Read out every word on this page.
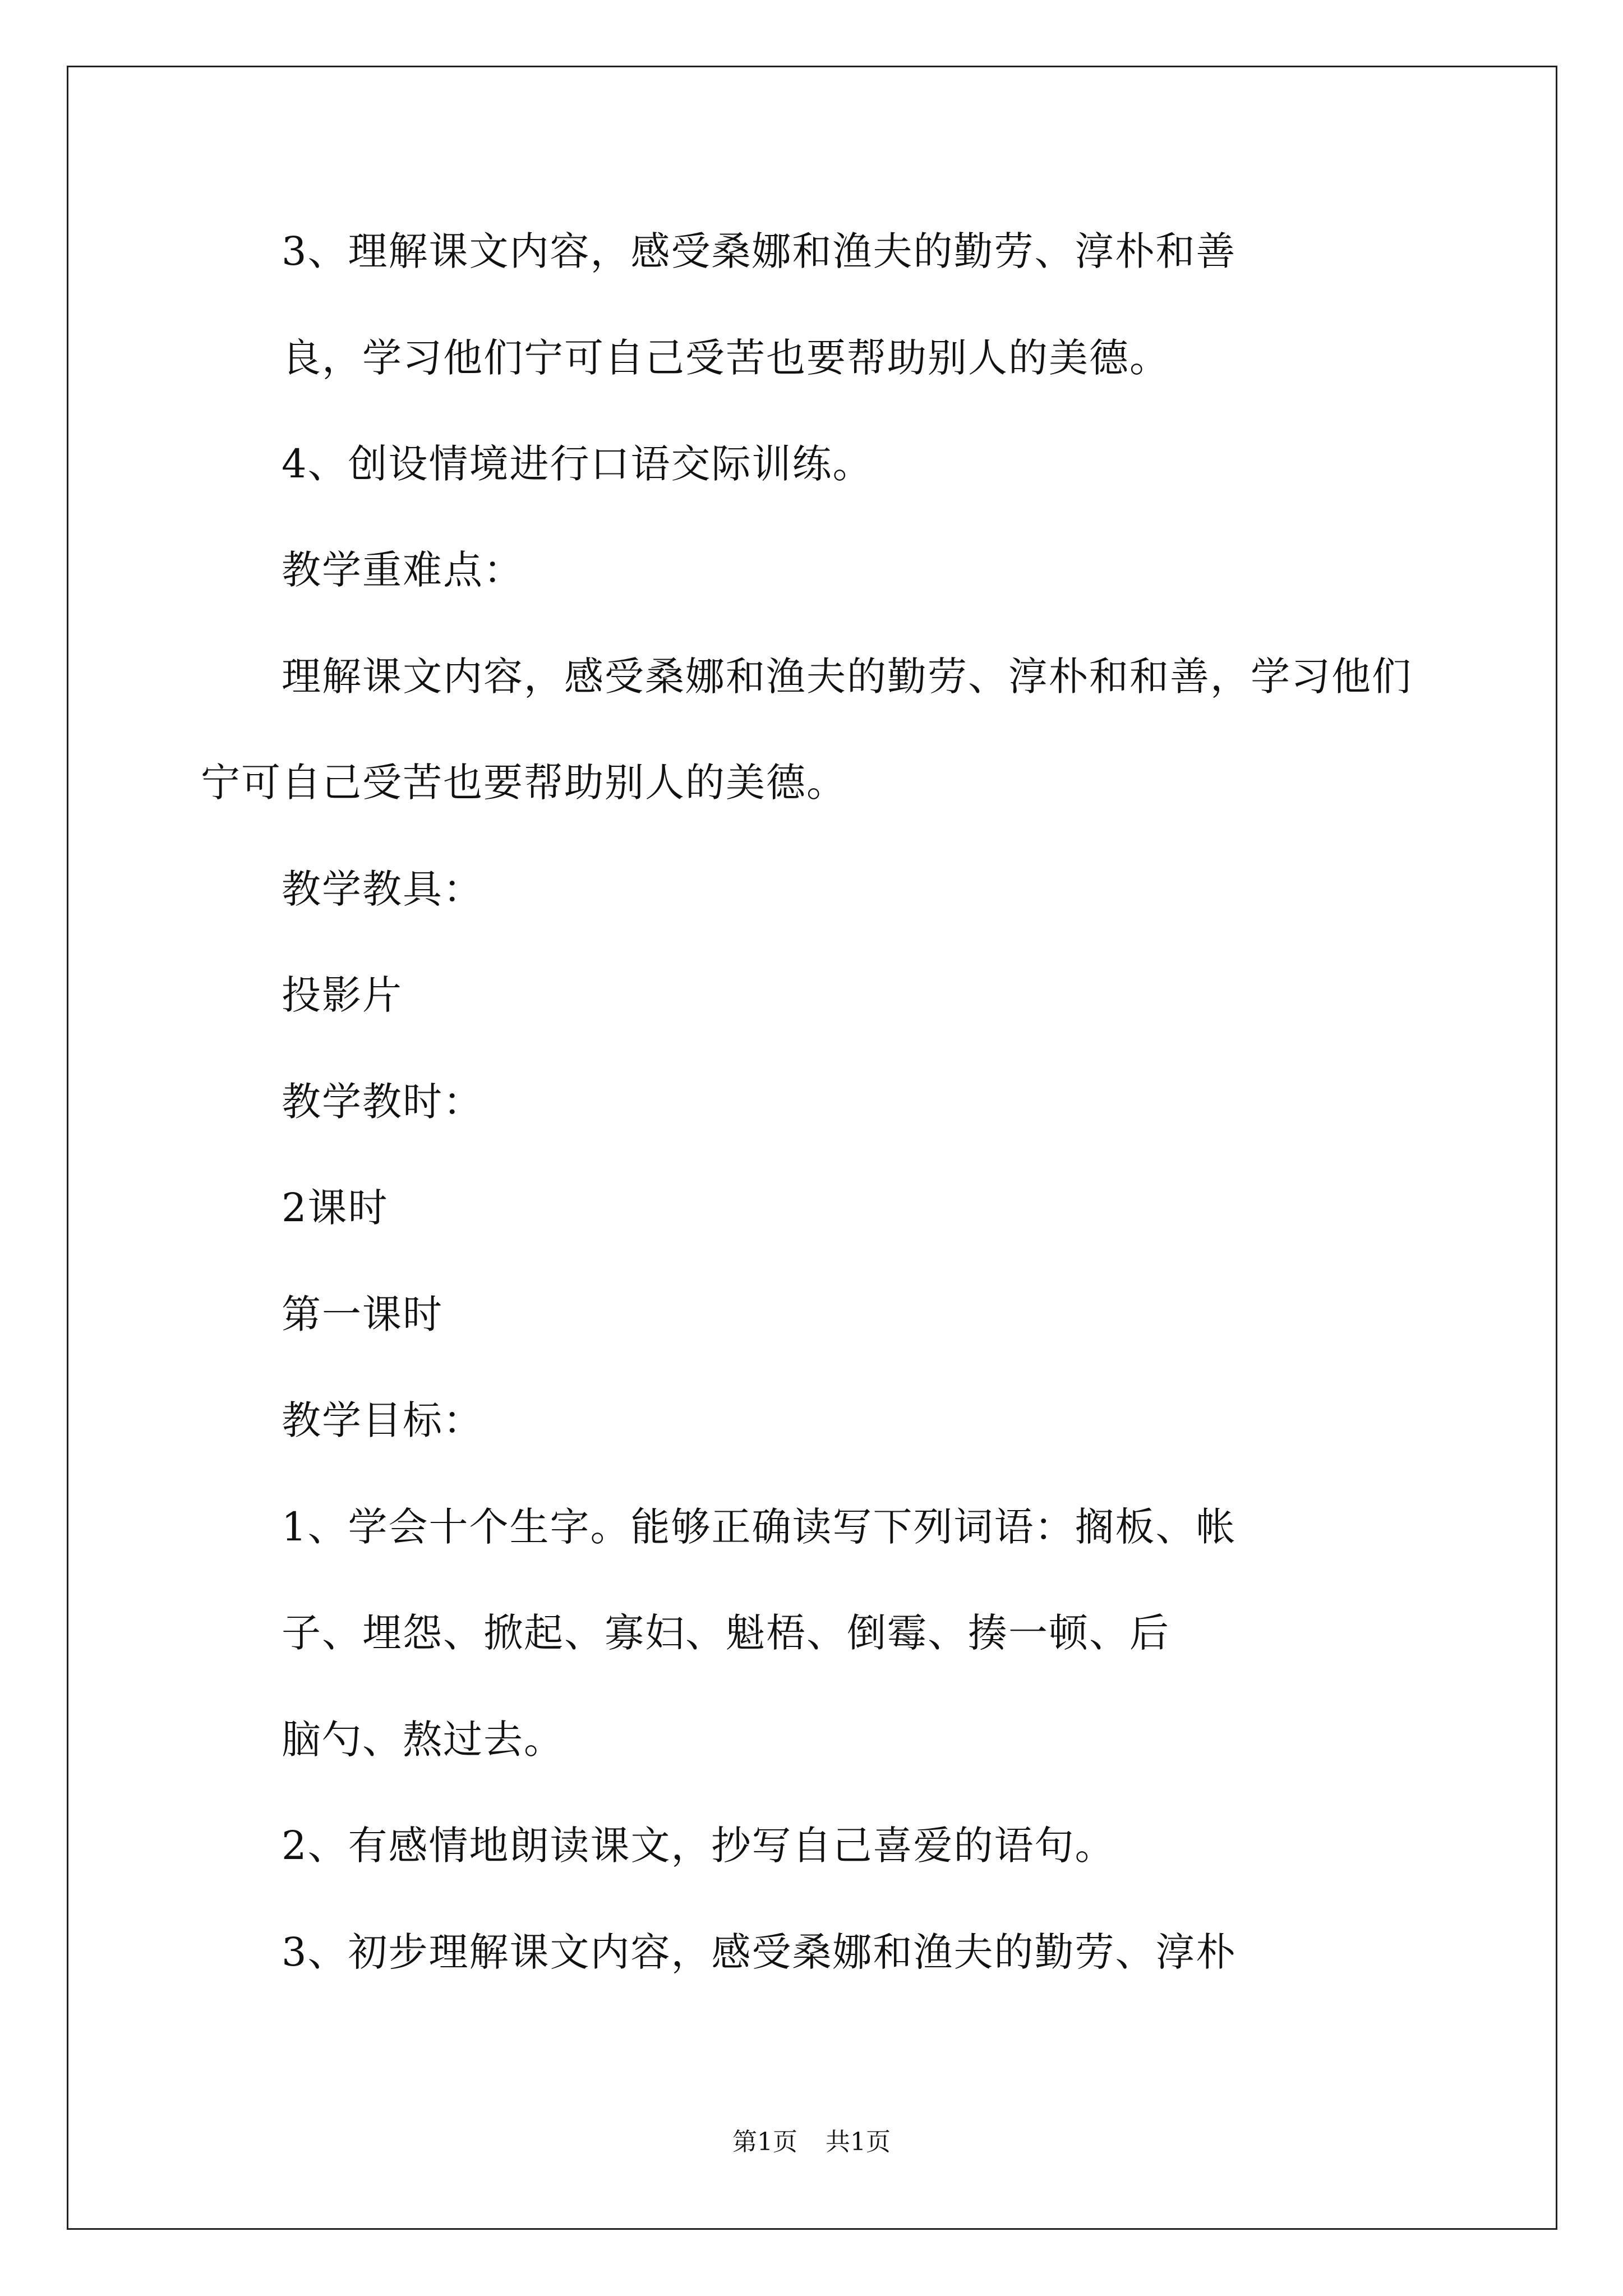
3、理解课文内容，感受桑娜和渔夫的勤劳、淳朴和善
良，学习他们宁可自己受苦也要帮助别人的美德。
4、创设情境进行口语交际训练。
教学重难点：
理解课文内容，感受桑娜和渔夫的勤劳、淳朴和和善，学习他们
宁可自己受苦也要帮助别人的美德。
教学教具：
投影片
教学教时：
2课时
第一课时
教学目标：
1、学会十个生字。能够正确读写下列词语：搁板、帐
子、埋怨、掀起、寡妇、魁梧、倒霉、揍一顿、后
脑勺、熬过去。
2、有感情地朗读课文，抄写自己喜爱的语句。
3、初步理解课文内容，感受桑娜和渔夫的勤劳、淳朴
第1页 共1页
